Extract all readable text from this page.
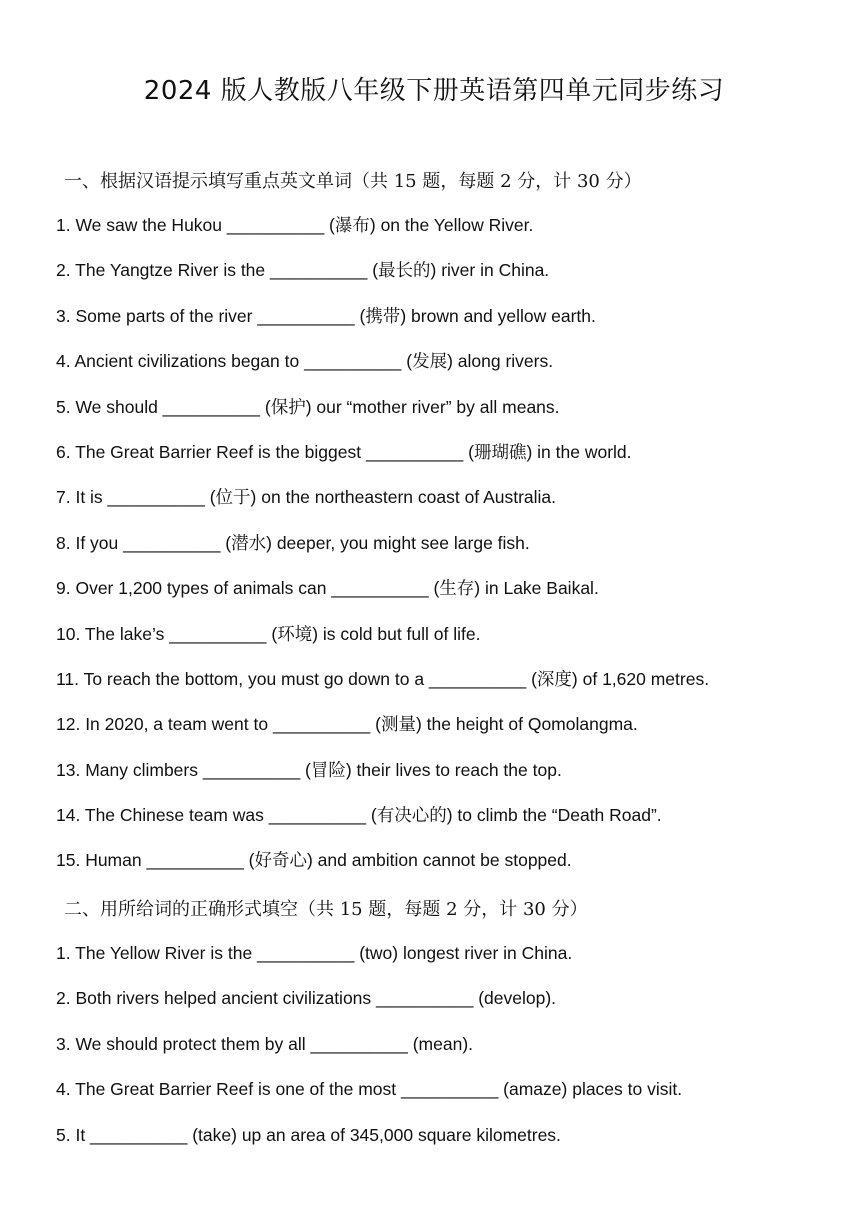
2024 版人教版八年级下册英语第四单元同步练习

一、根据汉语提示填写重点英文单词（共 15 题，每题 2 分，计 30 分）

1. We saw the Hukou __________ (瀑布) on the Yellow River.
2. The Yangtze River is the __________ (最长的) river in China.
3. Some parts of the river __________ (携带) brown and yellow earth.
4. Ancient civilizations began to __________ (发展) along rivers.
5. We should __________ (保护) our “mother river” by all means.
6. The Great Barrier Reef is the biggest __________ (珊瑚礁) in the world.
7. It is __________ (位于) on the northeastern coast of Australia.
8. If you __________ (潜水) deeper, you might see large fish.
9. Over 1,200 types of animals can __________ (生存) in Lake Baikal.
10. The lake’s __________ (环境) is cold but full of life.
11. To reach the bottom, you must go down to a __________ (深度) of 1,620 metres.
12. In 2020, a team went to __________ (测量) the height of Qomolangma.
13. Many climbers __________ (冒险) their lives to reach the top.
14. The Chinese team was __________ (有决心的) to climb the “Death Road”.
15. Human __________ (好奇心) and ambition cannot be stopped.

二、用所给词的正确形式填空（共 15 题，每题 2 分，计 30 分）

1. The Yellow River is the __________ (two) longest river in China.
2. Both rivers helped ancient civilizations __________ (develop).
3. We should protect them by all __________ (mean).
4. The Great Barrier Reef is one of the most __________ (amaze) places to visit.
5. It __________ (take) up an area of 345,000 square kilometres.
